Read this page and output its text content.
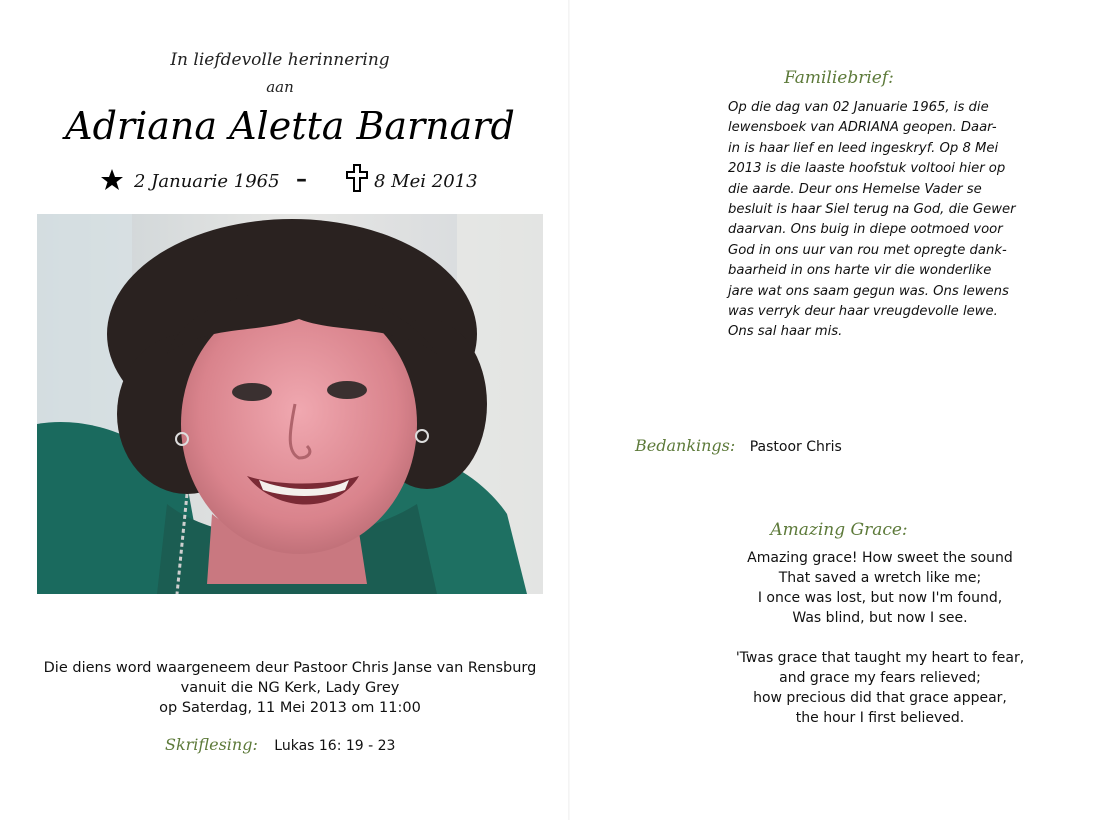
In liefdevolle herinnering
aan
Adriana Aletta Barnard
2 Januarie 1965 –	8 Mei 2013
Die diens word waargeneem deur Pastoor Chris Janse van Rensburg
vanuit die NG Kerk, Lady Grey
op Saterdag, 11 Mei 2013 om 11:00
Skriflesing: Lukas 16: 19 - 23
Familiebrief:
Op die dag van 02 Januarie 1965, is die
lewensboek van ADRIANA geopen. Daar-
in is haar lief en leed ingeskryf. Op 8 Mei
2013 is die laaste hoofstuk voltooi hier op
die aarde. Deur ons Hemelse Vader se
besluit is haar Siel terug na God, die Gewer
daarvan. Ons buig in diepe ootmoed voor
God in ons uur van rou met opregte dank-
baarheid in ons harte vir die wonderlike
jare wat ons saam gegun was. Ons lewens
was verryk deur haar vreugdevolle lewe.
Ons sal haar mis.
Bedankings: Pastoor Chris
Amazing Grace:
Amazing grace! How sweet the sound
That saved a wretch like me;
I once was lost, but now I'm found,
Was blind, but now I see.
'Twas grace that taught my heart to fear,
and grace my fears relieved;
how precious did that grace appear,
the hour I first believed.
